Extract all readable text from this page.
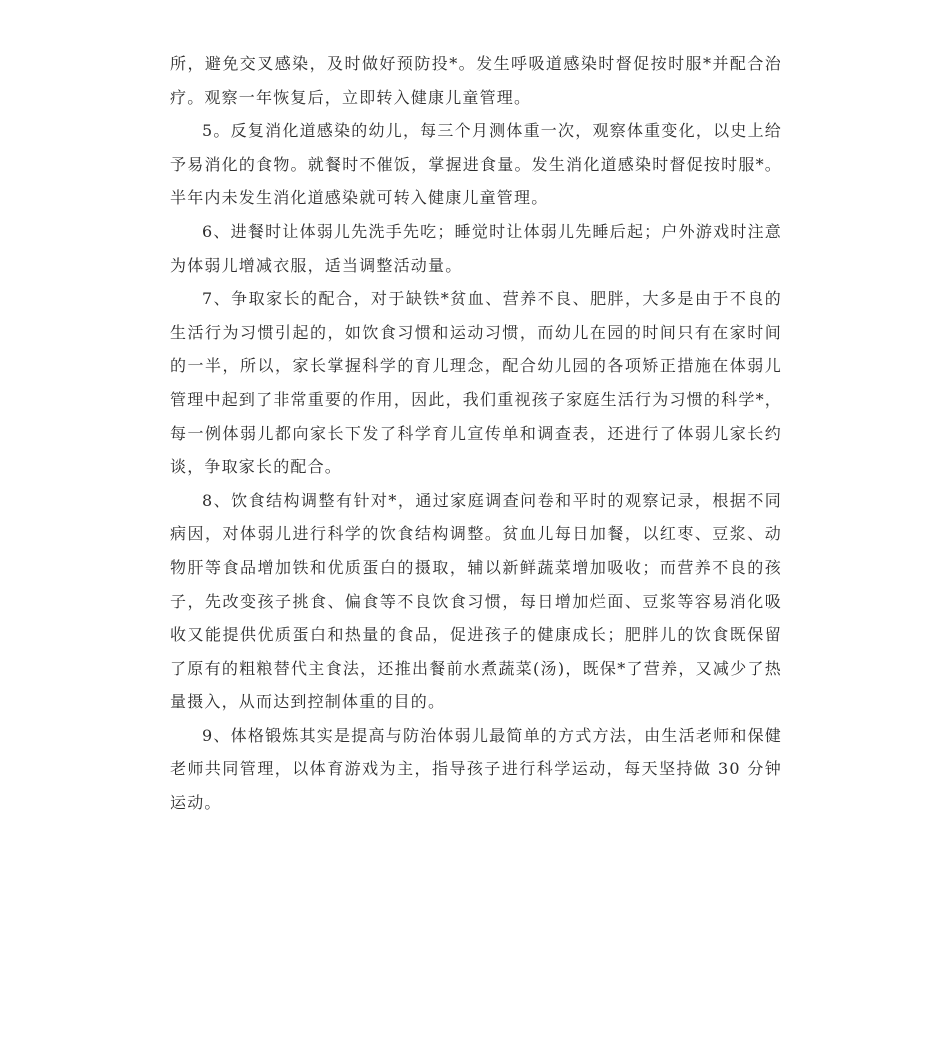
所，避免交叉感染，及时做好预防投*。发生呼吸道感染时督促按时服*并配合治疗。观察一年恢复后，立即转入健康儿童管理。

5。反复消化道感染的幼儿，每三个月测体重一次，观察体重变化，以史上给予易消化的食物。就餐时不催饭，掌握进食量。发生消化道感染时督促按时服*。半年内未发生消化道感染就可转入健康儿童管理。

6、进餐时让体弱儿先洗手先吃；睡觉时让体弱儿先睡后起；户外游戏时注意为体弱儿增减衣服，适当调整活动量。

7、争取家长的配合，对于缺铁*贫血、营养不良、肥胖，大多是由于不良的生活行为习惯引起的，如饮食习惯和运动习惯，而幼儿在园的时间只有在家时间的一半，所以，家长掌握科学的育儿理念，配合幼儿园的各项矫正措施在体弱儿管理中起到了非常重要的作用，因此，我们重视孩子家庭生活行为习惯的科学*，每一例体弱儿都向家长下发了科学育儿宣传单和调查表，还进行了体弱儿家长约谈，争取家长的配合。

8、饮食结构调整有针对*，通过家庭调查问卷和平时的观察记录，根据不同病因，对体弱儿进行科学的饮食结构调整。贫血儿每日加餐，以红枣、豆浆、动物肝等食品增加铁和优质蛋白的摄取，辅以新鲜蔬菜增加吸收；而营养不良的孩子，先改变孩子挑食、偏食等不良饮食习惯，每日增加烂面、豆浆等容易消化吸收又能提供优质蛋白和热量的食品，促进孩子的健康成长；肥胖儿的饮食既保留了原有的粗粮替代主食法，还推出餐前水煮蔬菜(汤)，既保*了营养，又减少了热量摄入，从而达到控制体重的目的。

9、体格锻炼其实是提高与防治体弱儿最简单的方式方法，由生活老师和保健老师共同管理，以体育游戏为主，指导孩子进行科学运动，每天坚持做 30 分钟运动。
